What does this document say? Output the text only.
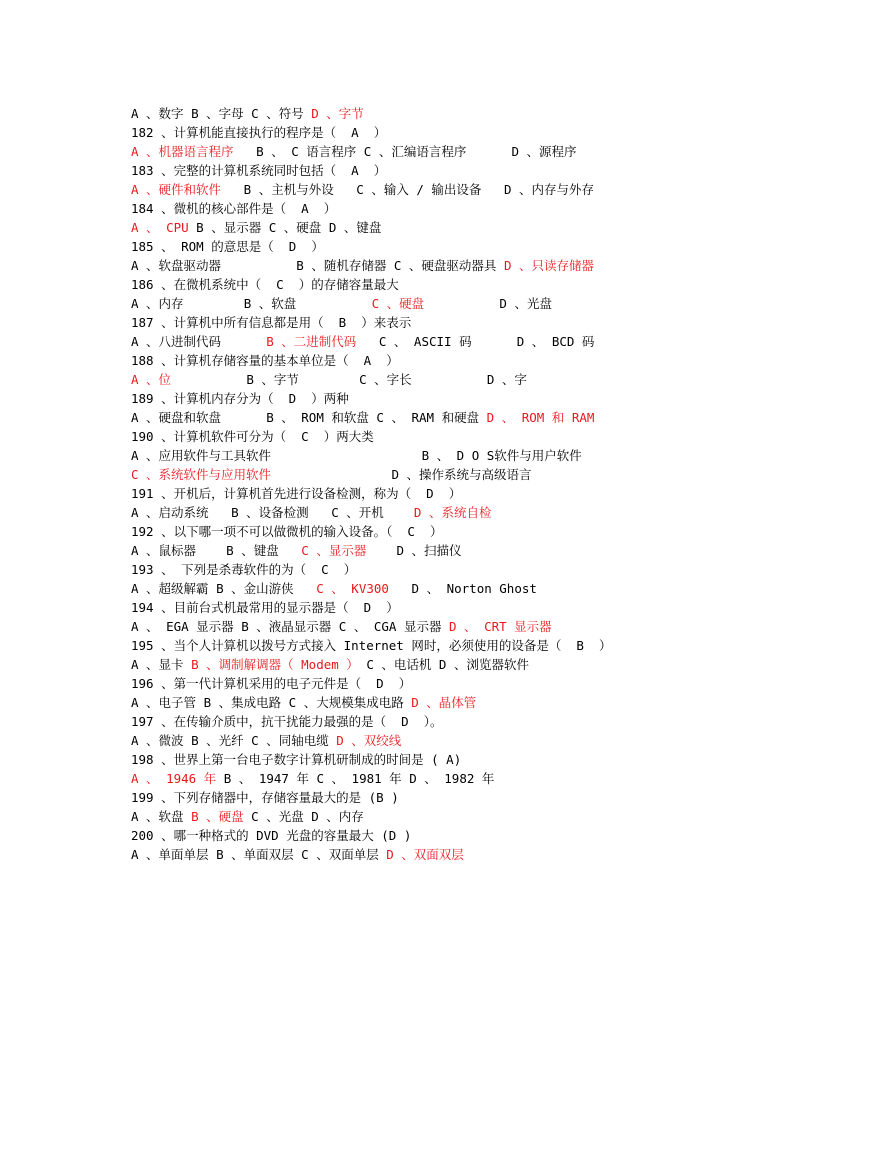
A 、数字 B 、字母 C 、符号 D 、字节
182 、计算机能直接执行的程序是（  A  ）
A 、机器语言程序   B 、 C 语言程序 C 、汇编语言程序      D 、源程序
183 、完整的计算机系统同时包括（  A  ）
A 、硬件和软件   B 、主机与外设   C 、输入 / 输出设备   D 、内存与外存
184 、微机的核心部件是（  A  ）
A 、 CPU B 、显示器 C 、硬盘 D 、键盘
185 、 ROM 的意思是（  D  ）
A 、软盘驱动器          B 、随机存储器 C 、硬盘驱动器具 D 、只读存储器
186 、在微机系统中（  C  ）的存储容量最大
A 、内存        B 、软盘          C 、硬盘          D 、光盘
187 、计算机中所有信息都是用（  B  ）来表示
A 、八进制代码      B 、二进制代码   C 、 ASCII 码      D 、 BCD 码
188 、计算机存储容量的基本单位是（  A  ）
A 、位          B 、字节        C 、字长          D 、字
189 、计算机内存分为（  D  ）两种
A 、硬盘和软盘      B 、 ROM 和软盘 C 、 RAM 和硬盘 D 、 ROM 和 RAM
190 、计算机软件可分为（  C  ）两大类
A 、应用软件与工具软件                    B 、 D O S软件与用户软件
C 、系统软件与应用软件                D 、操作系统与高级语言
191 、开机后，计算机首先进行设备检测，称为（  D  ）
A 、启动系统   B 、设备检测   C 、开机    D 、系统自检
192 、以下哪一项不可以做微机的输入设备。（  C  ）
A 、鼠标器    B 、键盘   C 、显示器    D 、扫描仪
193 、 下列是杀毒软件的为（  C  ）
A 、超级解霸 B 、金山游侠   C 、 KV300   D 、 Norton Ghost
194 、目前台式机最常用的显示器是（  D  ）
A 、 EGA 显示器 B 、液晶显示器 C 、 CGA 显示器 D 、 CRT 显示器
195 、当个人计算机以拨号方式接入 Internet 网时，必须使用的设备是（  B  ）
A 、显卡 B 、调制解调器（ Modem ） C 、电话机 D 、浏览器软件
196 、第一代计算机采用的电子元件是（  D  ）
A 、电子管 B 、集成电路 C 、大规模集成电路 D 、晶体管
197 、在传输介质中，抗干扰能力最强的是（  D  ）。
A 、微波 B 、光纤 C 、同轴电缆 D 、双绞线
198 、世界上第一台电子数字计算机研制成的时间是 ( A)
A 、 1946 年 B 、 1947 年 C 、 1981 年 D 、 1982 年
199 、下列存储器中，存储容量最大的是 (B )
A 、软盘 B 、硬盘 C 、光盘 D 、内存
200 、哪一种格式的 DVD 光盘的容量最大 (D )
A 、单面单层 B 、单面双层 C 、双面单层 D 、双面双层
